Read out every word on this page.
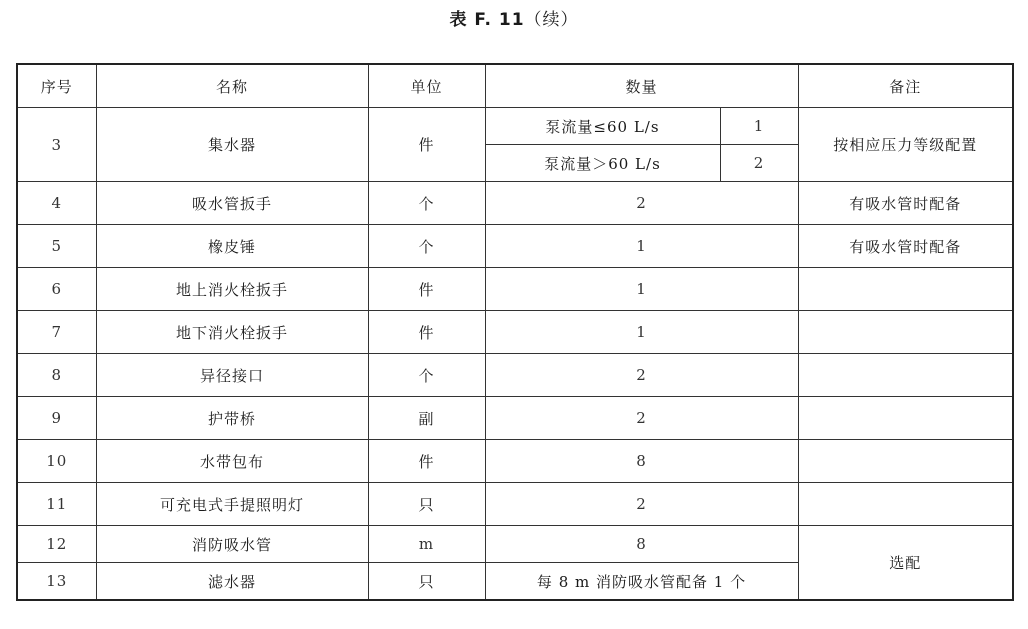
表 F. 11（续）
序号	名称	单位	数量		备注
3	集水器	件	泵流量≤60 L/s	1	按相应压力等级配置
			泵流量＞60 L/s	2	
4	吸水管扳手	个	2		有吸水管时配备
5	橡皮锤	个	1		有吸水管时配备
6	地上消火栓扳手	件	1		
7	地下消火栓扳手	件	1		
8	异径接口	个	2		
9	护带桥	副	2		
10	水带包布	件	8		
11	可充电式手提照明灯	只	2		
12	消防吸水管	m	8		选配
13	滤水器	只	每 8 m 消防吸水管配备 1 个		
